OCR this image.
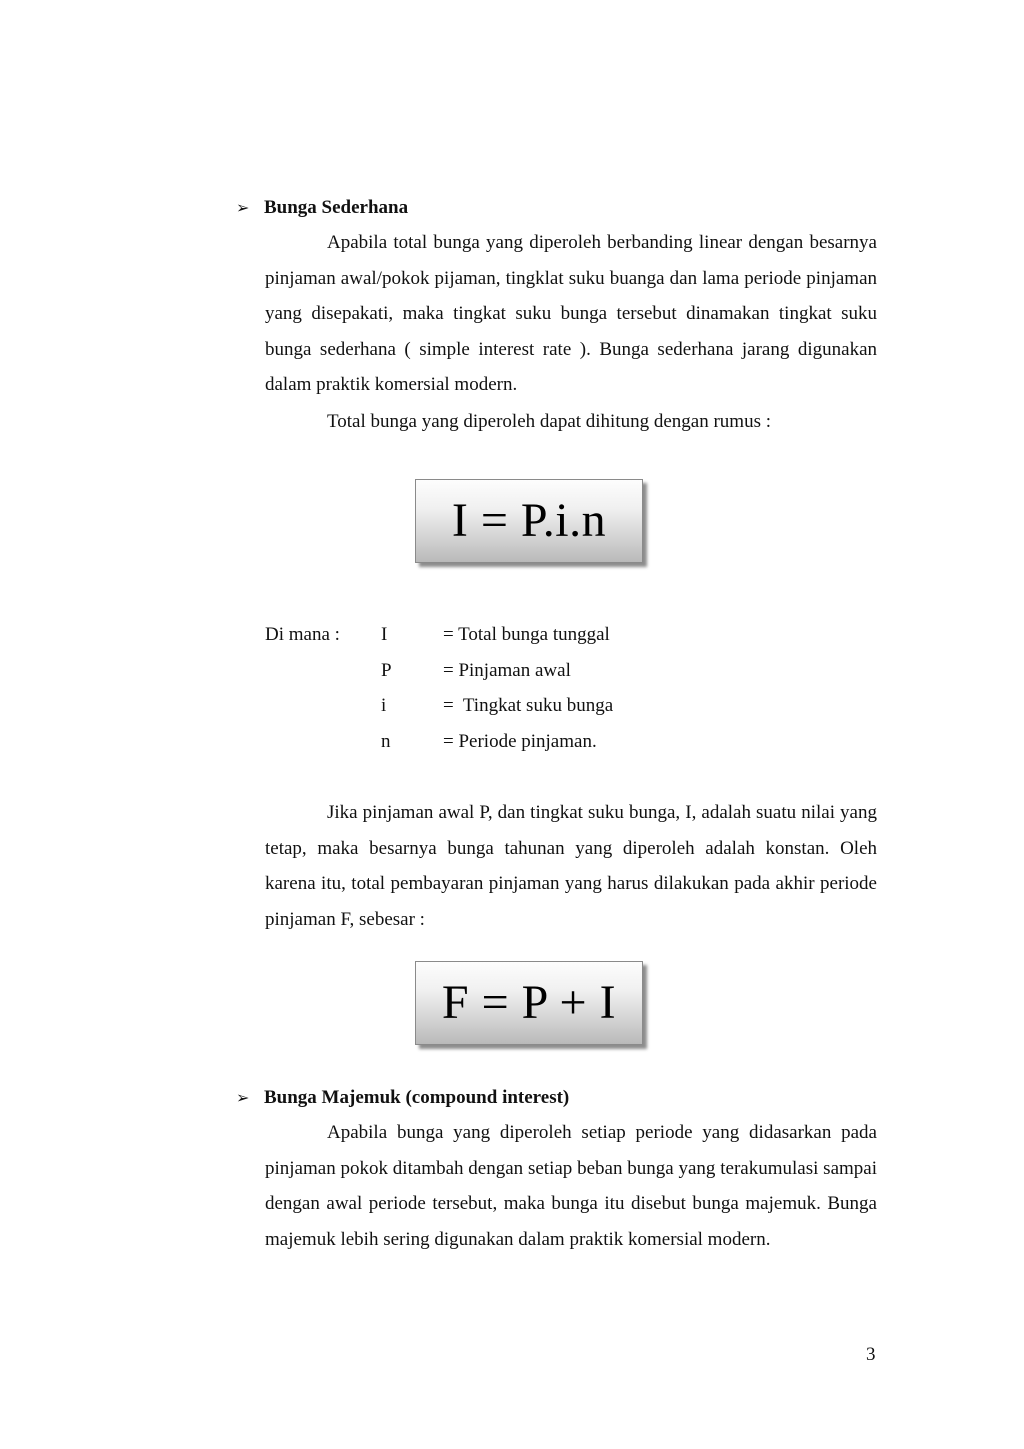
➢ Bunga Sederhana

Apabila total bunga yang diperoleh berbanding linear dengan besarnya pinjaman awal/pokok pijaman, tingklat suku buanga dan lama periode pinjaman yang disepakati, maka tingkat suku bunga tersebut dinamakan tingkat suku bunga sederhana ( simple interest rate ). Bunga sederhana jarang digunakan dalam praktik komersial modern.

Total bunga yang diperoleh dapat dihitung dengan rumus :
I = P.i.n
Di mana : I	= Total bunga tunggal
P	= Pinjaman awal
i	=  Tingkat suku bunga
n	= Periode pinjaman.

Jika pinjaman awal P, dan tingkat suku bunga, I, adalah suatu nilai yang tetap, maka besarnya bunga tahunan yang diperoleh adalah konstan. Oleh karena itu, total pembayaran pinjaman yang harus dilakukan pada akhir periode pinjaman F, sebesar :

F = P + I
➢ Bunga Majemuk (compound interest)

Apabila bunga yang diperoleh setiap periode yang didasarkan pada pinjaman pokok ditambah dengan setiap beban bunga yang terakumulasi sampai dengan awal periode tersebut, maka bunga itu disebut bunga majemuk. Bunga majemuk lebih sering digunakan dalam praktik komersial modern.

3
